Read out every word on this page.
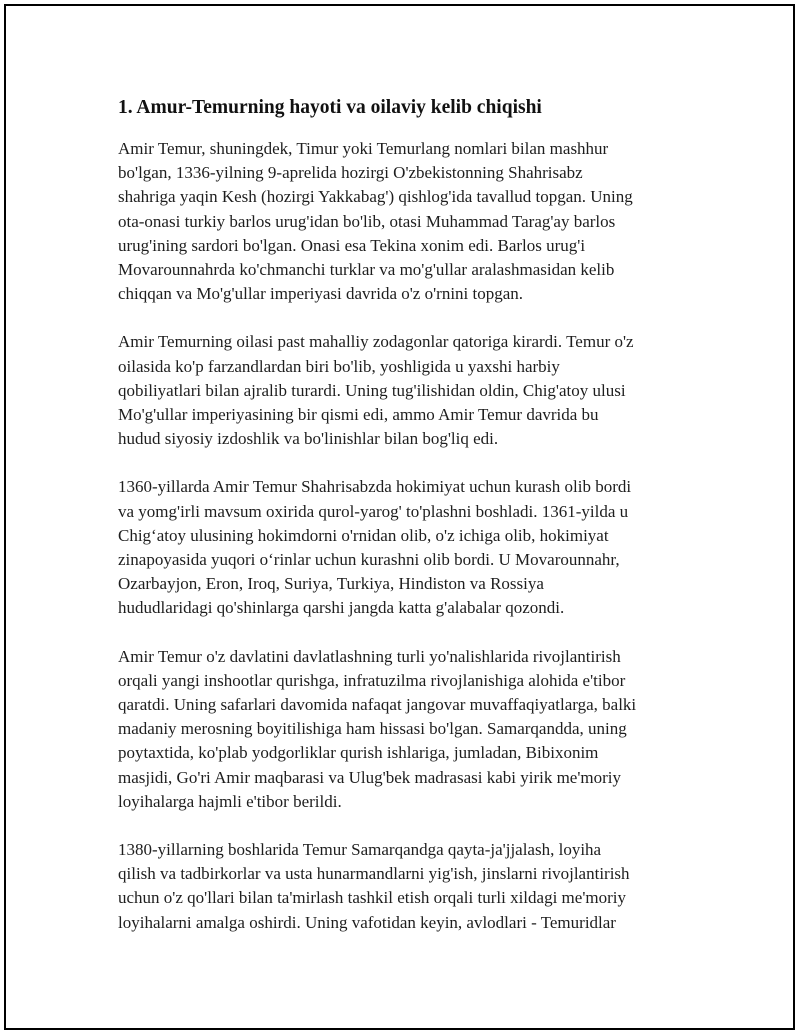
1. Amur-Temurning hayoti va oilaviy kelib chiqishi

Amir Temur, shuningdek, Timur yoki Temurlang nomlari bilan mashhur
bo'lgan, 1336-yilning 9-aprelida hozirgi O'zbekistonning Shahrisabz
shahriga yaqin Kesh (hozirgi Yakkabag') qishlog'ida tavallud topgan. Uning
ota-onasi turkiy barlos urug'idan bo'lib, otasi Muhammad Tarag'ay barlos
urug'ining sardori bo'lgan. Onasi esa Tekina xonim edi. Barlos urug'i
Movarounnahrda ko'chmanchi turklar va mo'g'ullar aralashmasidan kelib
chiqqan va Mo'g'ullar imperiyasi davrida o'z o'rnini topgan.

Amir Temurning oilasi past mahalliy zodagonlar qatoriga kirardi. Temur o'z
oilasida ko'p farzandlardan biri bo'lib, yoshligida u yaxshi harbiy
qobiliyatlari bilan ajralib turardi. Uning tug'ilishidan oldin, Chig'atoy ulusi
Mo'g'ullar imperiyasining bir qismi edi, ammo Amir Temur davrida bu
hudud siyosiy izdoshlik va bo'linishlar bilan bog'liq edi.

1360-yillarda Amir Temur Shahrisabzda hokimiyat uchun kurash olib bordi
va yomg'irli mavsum oxirida qurol-yarog' to'plashni boshladi. 1361-yilda u
Chig‘atoy ulusining hokimdorni o'rnidan olib, o'z ichiga olib, hokimiyat
zinapoyasida yuqori o‘rinlar uchun kurashni olib bordi. U Movarounnahr,
Ozarbayjon, Eron, Iroq, Suriya, Turkiya, Hindiston va Rossiya
hududlaridagi qo'shinlarga qarshi jangda katta g'alabalar qozondi.

Amir Temur o'z davlatini davlatlashning turli yo'nalishlarida rivojlantirish
orqali yangi inshootlar qurishga, infratuzilma rivojlanishiga alohida e'tibor
qaratdi. Uning safarlari davomida nafaqat jangovar muvaffaqiyatlarga, balki
madaniy merosning boyitilishiga ham hissasi bo'lgan. Samarqandda, uning
poytaxtida, ko'plab yodgorliklar qurish ishlariga, jumladan, Bibixonim
masjidi, Go'ri Amir maqbarasi va Ulug'bek madrasasi kabi yirik me'moriy
loyihalarga hajmli e'tibor berildi.

1380-yillarning boshlarida Temur Samarqandga qayta-ja'jjalash, loyiha
qilish va tadbirkorlar va usta hunarmandlarni yig'ish, jinslarni rivojlantirish
uchun o'z qo'llari bilan ta'mirlash tashkil etish orqali turli xildagi me'moriy
loyihalarni amalga oshirdi. Uning vafotidan keyin, avlodlari - Temuridlar
